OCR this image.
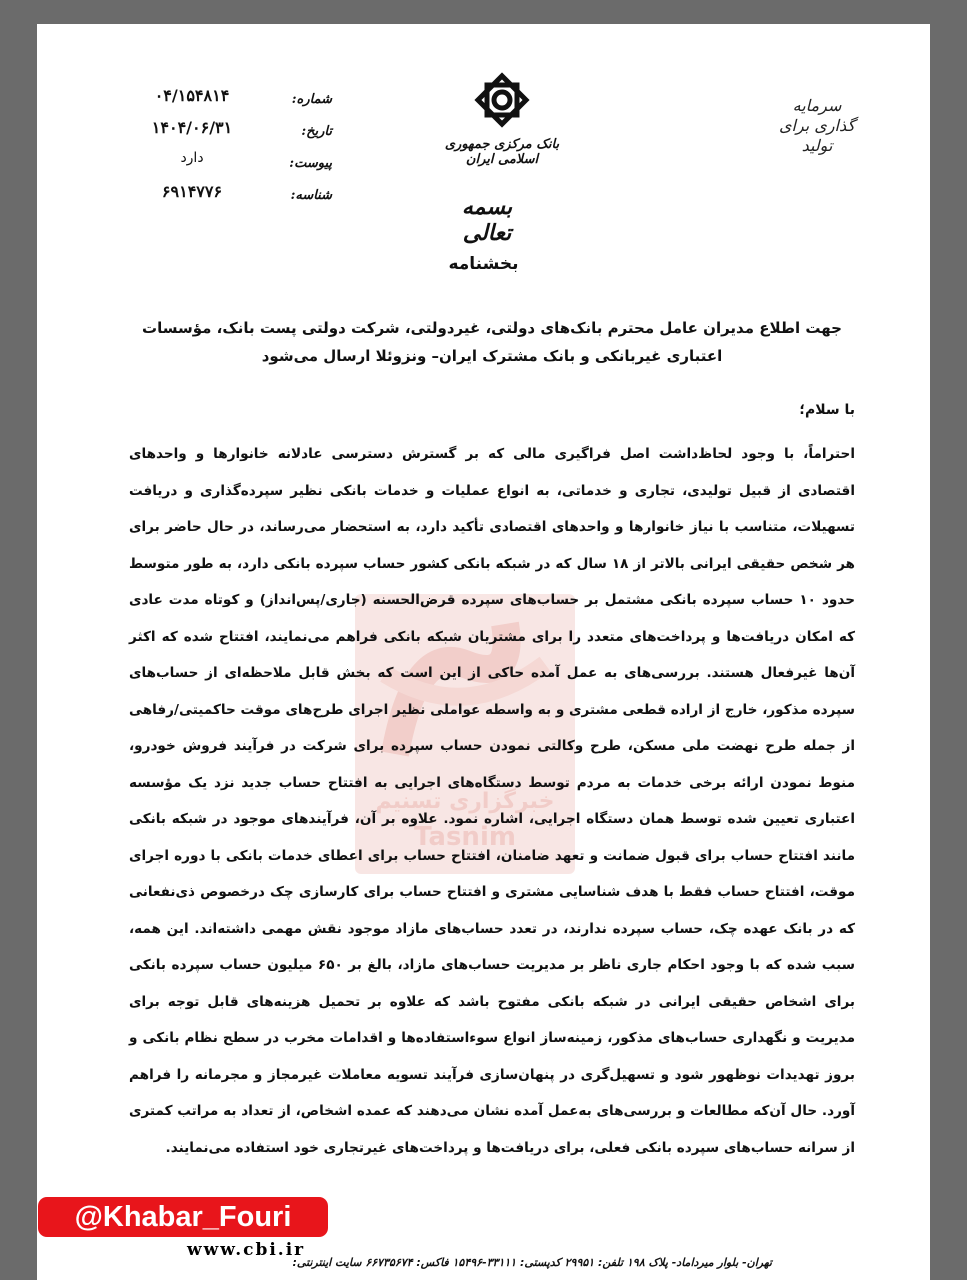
شماره:
۰۴/۱۵۴۸۱۴
تاریخ:
۱۴۰۴/۰۶/۳۱
پیوست:
دارد
شناسه:
۶۹۱۴۷۷۶
بانک مرکزی جمهوری اسلامی ایران
بسمه تعالی
سرمایه گذاری برای تولید
خبرگزاری تسنیم
Tasnim
بخشنامه
جهت اطلاع مدیران عامل محترم بانک‌های دولتی، غیردولتی، شرکت دولتی پست بانک، مؤسسات اعتباری غیربانکی و بانک مشترک ایران– ونزوئلا ارسال می‌شود
با سلام؛
احتراماً، با وجود لحاظ‌داشت اصل فراگیری مالی که بر گسترش دسترسی عادلانه خانوارها و واحدهای اقتصادی از قبیل تولیدی، تجاری و خدماتی، به انواع عملیات و خدمات بانکی نظیر سپرده‌گذاری و دریافت تسهیلات، متناسب با نیاز خانوارها و واحدهای اقتصادی تأکید دارد، به استحضار می‌رساند، در حال حاضر برای هر شخص حقیقی ایرانی بالاتر از ۱۸ سال که در شبکه بانکی کشور حساب سپرده بانکی دارد، به طور متوسط حدود ۱۰ حساب سپرده بانکی مشتمل بر حساب‌های سپرده قرض‌الحسنه (جاری/پس‌انداز) و کوتاه مدت عادی که امکان دریافت‌ها و پرداخت‌های متعدد را برای مشتریان شبکه بانکی فراهم می‌نمایند، افتتاح شده که اکثر آن‌ها غیرفعال هستند. بررسی‌های به عمل آمده حاکی از این است که بخش قابل ملاحظه‌ای از حساب‌های سپرده مذکور، خارج از اراده قطعی مشتری و به واسطه عواملی نظیر اجرای طرح‌های موقت حاکمیتی/رفاهی از جمله طرح نهضت ملی مسکن، طرح وکالتی نمودن حساب سپرده برای شرکت در فرآیند فروش خودرو، منوط نمودن ارائه برخی خدمات به مردم توسط دستگاه‌های اجرایی به افتتاح حساب جدید نزد یک مؤسسه اعتباری تعیین شده توسط همان دستگاه اجرایی، اشاره نمود. علاوه بر آن، فرآیندهای موجود در شبکه بانکی مانند افتتاح حساب برای قبول ضمانت و تعهد ضامنان، افتتاح حساب برای اعطای خدمات بانکی با دوره اجرای موقت، افتتاح حساب فقط با هدف شناسایی مشتری و افتتاح حساب برای کارسازی چک درخصوص ذی‌نفعانی که در بانک عهده چک، حساب سپرده ندارند، در تعدد حساب‌های مازاد موجود نقش مهمی داشته‌اند. این همه، سبب شده که با وجود احکام جاری ناظر بر مدیریت حساب‌های مازاد، بالغ بر ۶۵۰ میلیون حساب سپرده بانکی برای اشخاص حقیقی ایرانی در شبکه بانکی مفتوح باشد که علاوه بر تحمیل هزینه‌های قابل توجه برای مدیریت و نگهداری حساب‌های مذکور، زمینه‌ساز انواع سوءاستفاده‌ها و اقدامات مخرب در سطح نظام بانکی و بروز تهدیدات نوظهور شود و تسهیل‌گری در پنهان‌سازی فرآیند تسویه معاملات غیرمجاز و مجرمانه را فراهم آورد. حال آن‌که مطالعات و بررسی‌های به‌عمل آمده نشان می‌دهند که عمده اشخاص، از تعداد به مراتب کمتری از سرانه حساب‌های سپرده بانکی فعلی، برای دریافت‌ها و پرداخت‌های غیرتجاری خود استفاده می‌نمایند.
تهران- بلوار میرداماد- پلاک ۱۹۸ تلفن: ۲۹۹۵۱ کدپستی: ۳۳۱۱۱-۱۵۴۹۶ فاکس: ۶۶۷۳۵۶۷۴ سایت اینترنتی:
www.cbi.ir
@Khabar_Fouri
